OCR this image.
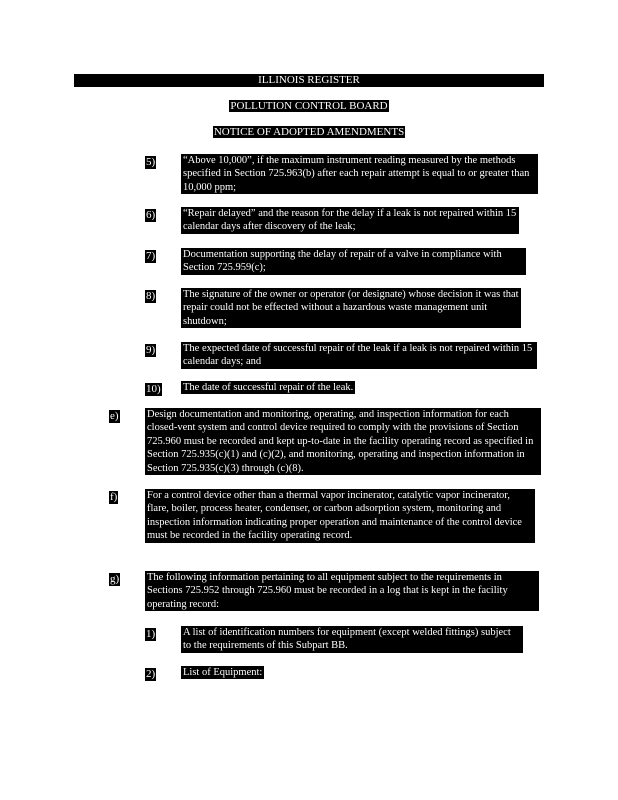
ILLINOIS REGISTER
POLLUTION CONTROL BOARD
NOTICE OF ADOPTED AMENDMENTS
5)	“Above 10,000”, if the maximum instrument reading measured by the methods specified in Section 725.963(b) after each repair attempt is equal to or greater than 10,000 ppm;
6)	“Repair delayed” and the reason for the delay if a leak is not repaired within 15 calendar days after discovery of the leak;
7)	Documentation supporting the delay of repair of a valve in compliance with Section 725.959(c);
8)	The signature of the owner or operator (or designate) whose decision it was that repair could not be effected without a hazardous waste management unit shutdown;
9)	The expected date of successful repair of the leak if a leak is not repaired within 15 calendar days; and
10) The date of successful repair of the leak.
e)	Design documentation and monitoring, operating, and inspection information for each closed-vent system and control device required to comply with the provisions of Section 725.960 must be recorded and kept up-to-date in the facility operating record as specified in Section 725.935(c)(1) and (c)(2), and monitoring, operating and inspection information in Section 725.935(c)(3) through (c)(8).
f)	For a control device other than a thermal vapor incinerator, catalytic vapor incinerator, flare, boiler, process heater, condenser, or carbon adsorption system, monitoring and inspection information indicating proper operation and maintenance of the control device must be recorded in the facility operating record.
g)	The following information pertaining to all equipment subject to the requirements in Sections 725.952 through 725.960 must be recorded in a log that is kept in the facility operating record:
1)	A list of identification numbers for equipment (except welded fittings) subject to the requirements of this Subpart BB.
2)	List of Equipment:
